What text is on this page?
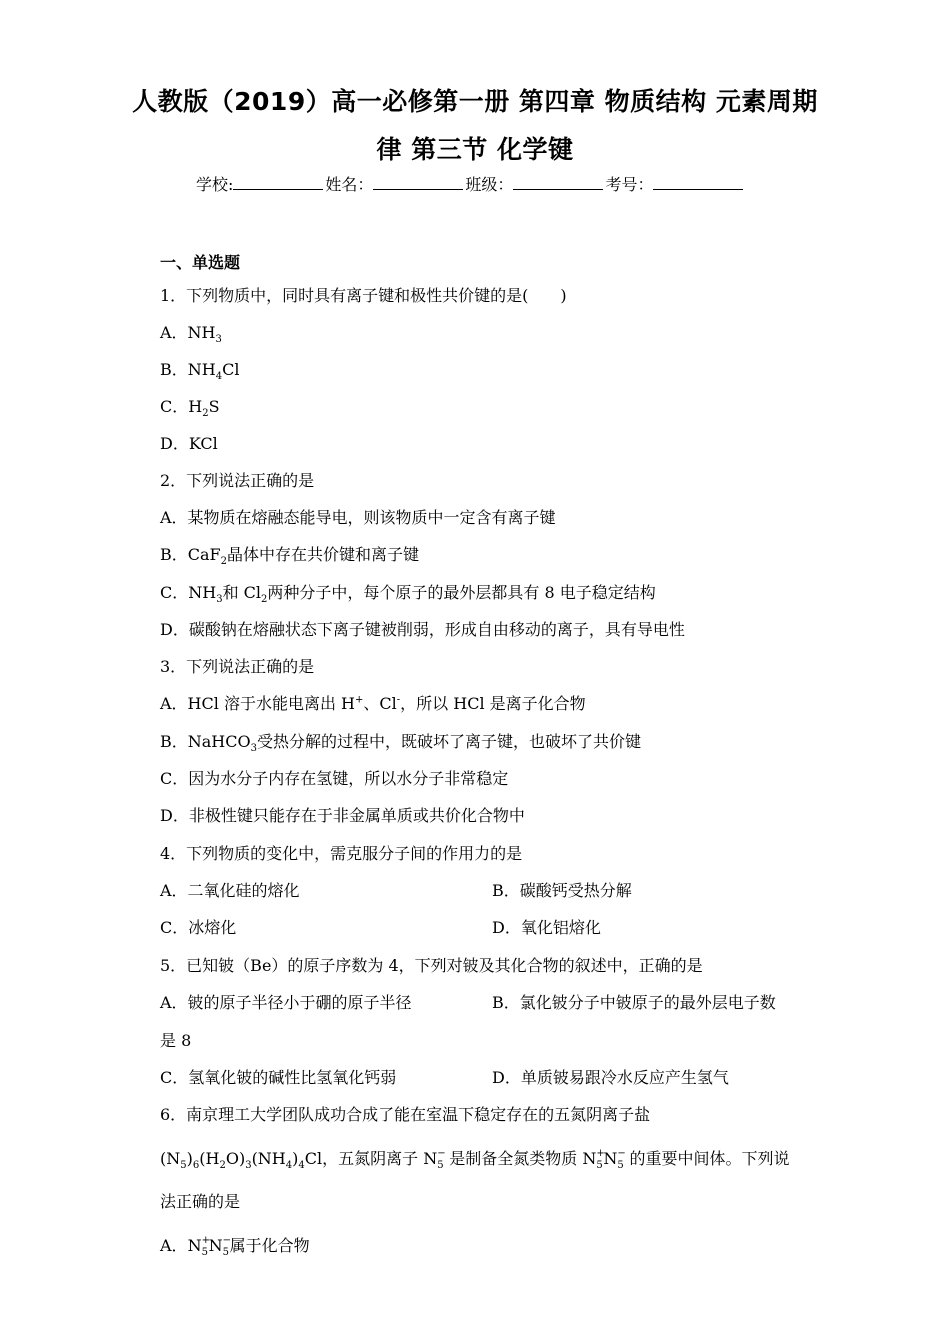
人教版（2019）高一必修第一册 第四章 物质结构 元素周期
律 第三节 化学键
学校:	姓名：	班级：	考号：
一、单选题
1．下列物质中，同时具有离子键和极性共价键的是(　　)
A．$NH_3$
B．$NH_4Cl$
C．$H_2S$
D．KCl
2．下列说法正确的是
A．某物质在熔融态能导电，则该物质中一定含有离子键
B．CaF$_2$晶体中存在共价键和离子键
C．$NH_3$和 $Cl_2$两种分子中，每个原子的最外层都具有 8 电子稳定结构
D．碳酸钠在熔融状态下离子键被削弱，形成自由移动的离子，具有导电性
3．下列说法正确的是
A．HCl 溶于水能电离出 H+、Cl-，所以 HCl 是离子化合物
B．NaHCO$_3$受热分解的过程中，既破坏了离子键，也破坏了共价键
C．因为水分子内存在氢键，所以水分子非常稳定
D．非极性键只能存在于非金属单质或共价化合物中
4．下列物质的变化中，需克服分子间的作用力的是
A．二氧化硅的熔化	B．碳酸钙受热分解
C．冰熔化	D．氧化铝熔化
5．已知铍（Be）的原子序数为 4，下列对铍及其化合物的叙述中，正确的是
A．铍的原子半径小于硼的原子半径	B．氯化铍分子中铍原子的最外层电子数
是 8
C．氢氧化铍的碱性比氢氧化钙弱	D．单质铍易跟冷水反应产生氢气
6．南京理工大学团队成功合成了能在室温下稳定存在的五氮阴离子盐
$(N_5)_6(H_2O)_3(NH_4)_4Cl$，五氮阴离子 N −
5 是制备全氮类物质 N +
5 N −
5 的重要中间体。下列说
法正确的是
A．N +
5 N −
5 属于化合物
